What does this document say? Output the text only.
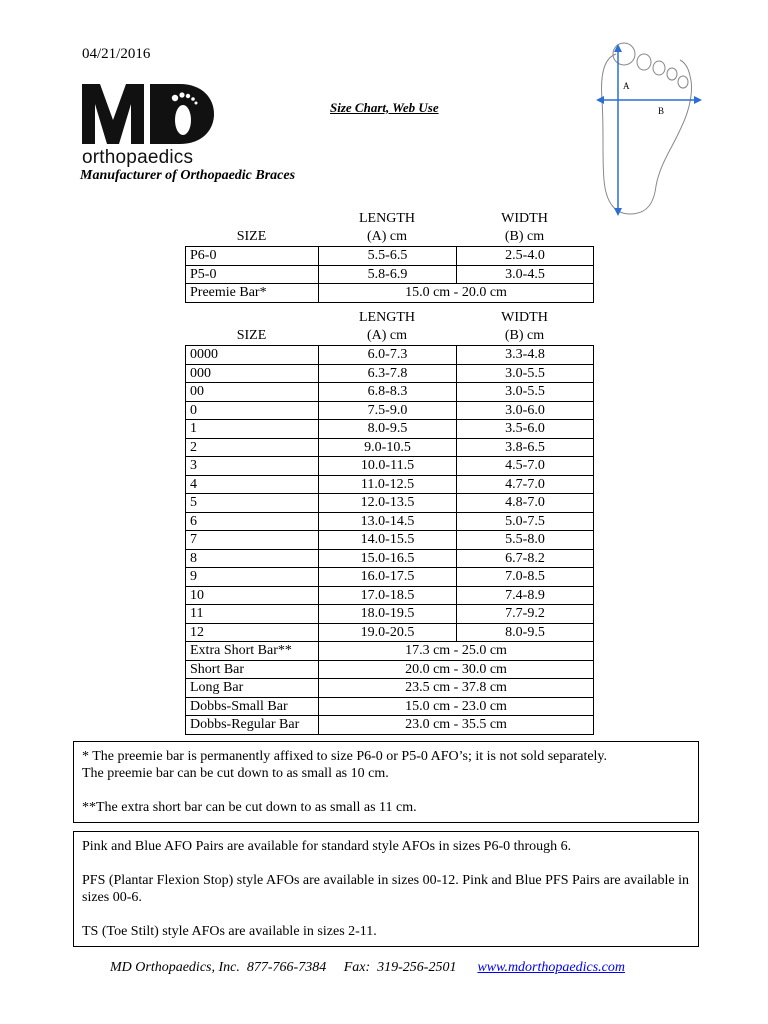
04/21/2016
orthopaedics
Manufacturer of Orthopaedic Braces
Size Chart, Web Use
A
B
SIZE
LENGTH
(A) cm
WIDTH
(B) cm
P6-0	5.5-6.5	2.5-4.0
P5-0	5.8-6.9	3.0-4.5
Preemie Bar*	15.0 cm - 20.0 cm	
SIZE
LENGTH
(A) cm
WIDTH
(B) cm
0000	6.0-7.3	3.3-4.8
000	6.3-7.8	3.0-5.5
00	6.8-8.3	3.0-5.5
0	7.5-9.0	3.0-6.0
1	8.0-9.5	3.5-6.0
2	9.0-10.5	3.8-6.5
3	10.0-11.5	4.5-7.0
4	11.0-12.5	4.7-7.0
5	12.0-13.5	4.8-7.0
6	13.0-14.5	5.0-7.5
7	14.0-15.5	5.5-8.0
8	15.0-16.5	6.7-8.2
9	16.0-17.5	7.0-8.5
10	17.0-18.5	7.4-8.9
11	18.0-19.5	7.7-9.2
12	19.0-20.5	8.0-9.5
Extra Short Bar**	17.3 cm - 25.0 cm	
Short Bar	20.0 cm - 30.0 cm	
Long Bar	23.5 cm - 37.8 cm	
Dobbs-Small Bar	15.0 cm - 23.0 cm	
Dobbs-Regular Bar	23.0 cm - 35.5 cm	

* The preemie bar is permanently affixed to size P6-0 or P5-0 AFO’s; it is not sold separately.

The preemie bar can be cut down to as small as 10 cm.

**The extra short bar can be cut down to as small as 11 cm.

Pink and Blue AFO Pairs are available for standard style AFOs in sizes P6-0 through 6.

PFS (Plantar Flexion Stop) style AFOs are available in sizes 00-12. Pink and Blue PFS Pairs are available in sizes 00-6.

TS (Toe Stilt) style AFOs are available in sizes 2-11.

MD Orthopaedics, Inc. 877-766-7384 Fax:  319-256-2501 www.mdorthopaedics.com
